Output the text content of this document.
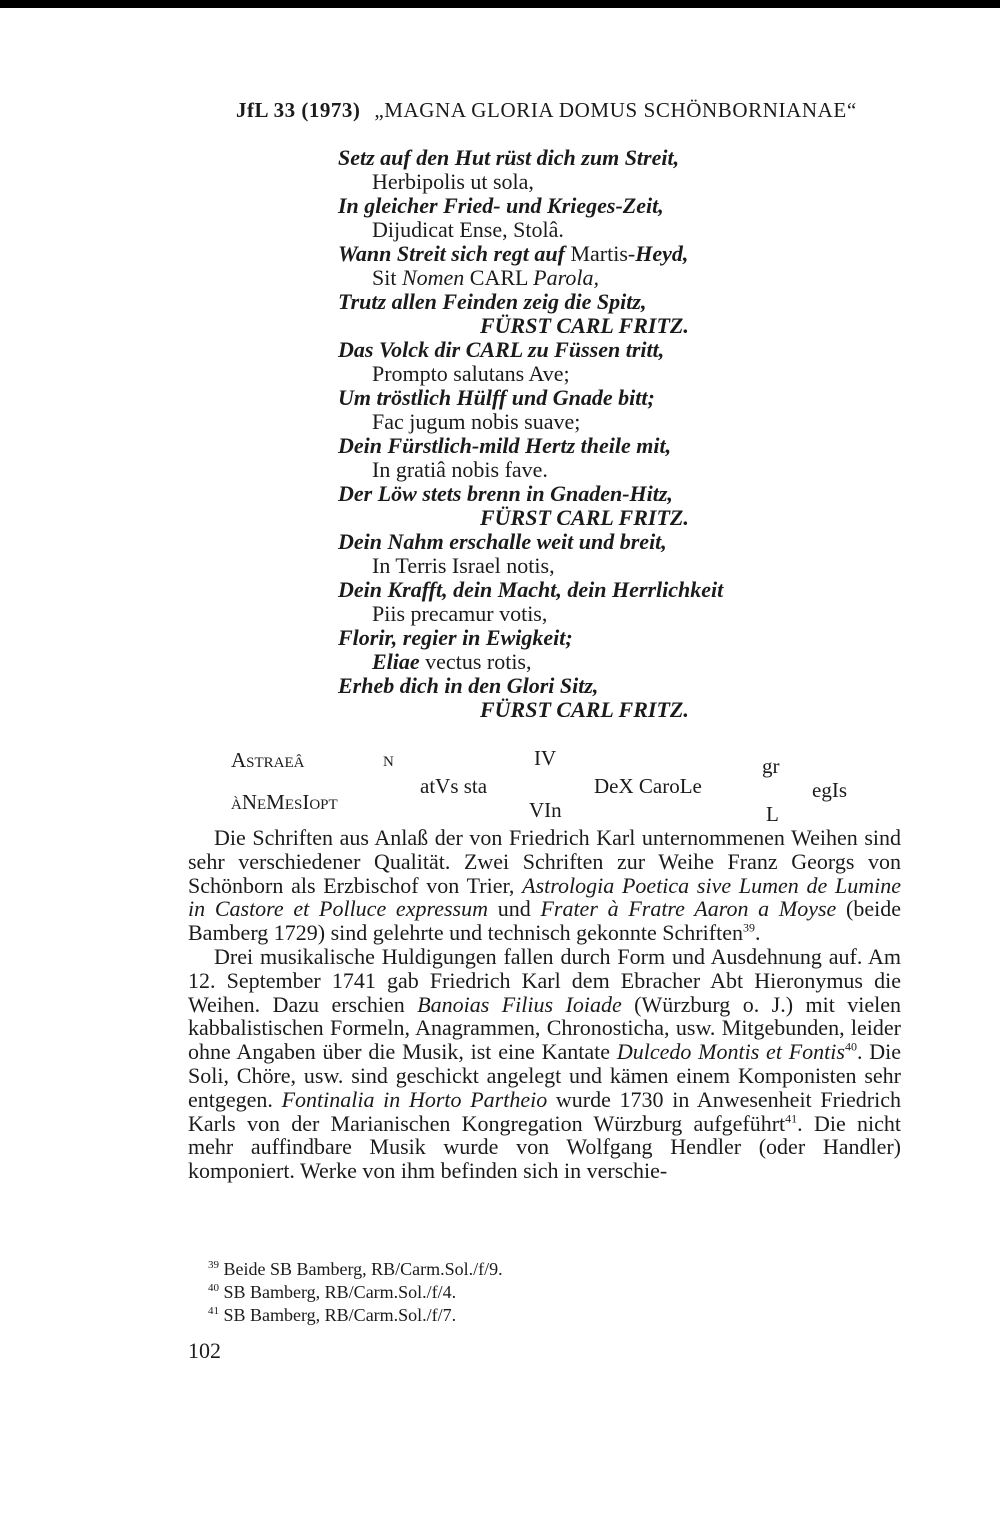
JfL 33 (1973) „MAGNA GLORIA DOMUS SCHÖNBORNIANAE“
Setz auf den Hut rüst dich zum Streit,
Herbipolis ut sola,
In gleicher Fried- und Krieges-Zeit,
Dijudicat Ense, Stolâ.
Wann Streit sich regt auf Martis-Heyd,
Sit Nomen CARL Parola,
Trutz allen Feinden zeig die Spitz,
FÜRST CARL FRITZ.
Das Volck dir CARL zu Füssen tritt,
Prompto salutans Ave;
Um tröstlich Hülff und Gnade bitt;
Fac jugum nobis suave;
Dein Fürstlich-mild Hertz theile mit,
In gratiâ nobis fave.
Der Löw stets brenn in Gnaden-Hitz,
FÜRST CARL FRITZ.
Dein Nahm erschalle weit und breit,
In Terris Israel notis,
Dein Krafft, dein Macht, dein Herrlichkeit
Piis precamur votis,
Florir, regier in Ewigkeit;
Eliae vectus rotis,
Erheb dich in den Glori Sitz,
FÜRST CARL FRITZ.
Astraeâ	N	IV	gr
atVs sta	DeX CaroLe	egIs
àNeMesIopt	VIn	L

Die Schriften aus Anlaß der von Friedrich Karl unternommenen Weihen sind sehr verschiedener Qualität. Zwei Schriften zur Weihe Franz Georgs von Schönborn als Erzbischof von Trier, Astrologia Poetica sive Lumen de Lumine in Castore et Polluce expressum und Frater à Fratre Aaron a Moyse (beide Bamberg 1729) sind gelehrte und technisch gekonnte Schriften$^{39}$.

Drei musikalische Huldigungen fallen durch Form und Ausdehnung auf. Am 12. September 1741 gab Friedrich Karl dem Ebracher Abt Hieronymus die Weihen. Dazu erschien Banoias Filius Ioiade (Würzburg o. J.) mit vielen kabbalistischen Formeln, Anagrammen, Chronosticha, usw. Mitgebunden, leider ohne Angaben über die Musik, ist eine Kantate Dulcedo Montis et Fontis$^{40}$. Die Soli, Chöre, usw. sind geschickt angelegt und kämen einem Komponisten sehr entgegen. Fontinalia in Horto Partheio wurde 1730 in Anwesenheit Friedrich Karls von der Marianischen Kongregation Würzburg aufgeführt$^{41}$. Die nicht mehr auffindbare Musik wurde von Wolfgang Hendler (oder Handler) komponiert. Werke von ihm befinden sich in verschie-

$^{39}$ Beide SB Bamberg, RB/Carm.Sol./f/9.
$^{40}$ SB Bamberg, RB/Carm.Sol./f/4.
$^{41}$ SB Bamberg, RB/Carm.Sol./f/7.
102
